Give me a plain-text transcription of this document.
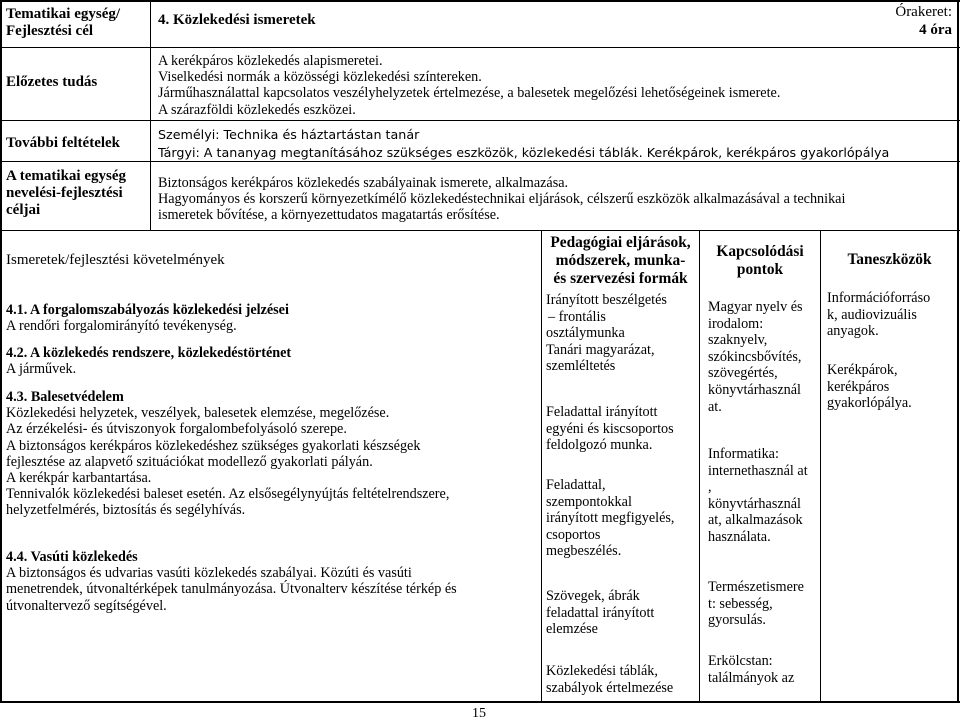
Tematikai egység/
Fejlesztési cél
Előzetes tudás
További feltételek
A tematikai egység
nevelési-fejlesztési
céljai
4. Közlekedési ismeretek	Órakeret:
4 óra
A kerékpáros közlekedés alapismeretei.
Viselkedési normák a közösségi közlekedési színtereken.
Járműhasználattal kapcsolatos veszélyhelyzetek értelmezése, a balesetek megelőzési lehetőségeinek ismerete.
A szárazföldi közlekedés eszközei.
Személyi: Technika és háztartástan tanár
Tárgyi: A tananyag megtanításához szükséges eszközök, közlekedési táblák. Kerékpárok, kerékpáros gyakorlópálya
Biztonságos kerékpáros közlekedés szabályainak ismerete, alkalmazása.
Hagyományos és korszerű környezetkímélő közlekedéstechnikai eljárások, célszerű eszközök alkalmazásával a technikai
ismeretek bővítése, a környezettudatos magatartás erősítése.
Ismeretek/fejlesztési követelmények
Pedagógiai eljárások,
módszerek, munka-
és szervezési formák
Kapcsolódási
pontok
Taneszközök
4.1. A forgalomszabályozás közlekedési jelzései
A rendőri forgalomirányító tevékenység.
4.2. A közlekedés rendszere, közlekedéstörténet
A járművek.
4.3. Balesetvédelem
Közlekedési helyzetek, veszélyek, balesetek elemzése, megelőzése.
Az érzékelési- és útviszonyok forgalombefolyásoló szerepe.
A biztonságos kerékpáros közlekedéshez szükséges gyakorlati készségek
fejlesztése az alapvető szituációkat modellező gyakorlati pályán.
A kerékpár karbantartása.
Tennivalók közlekedési baleset esetén. Az elsősegélynyújtás feltételrendszere,
helyzetfelmérés, biztosítás és segélyhívás.
4.4. Vasúti közlekedés
A biztonságos és udvarias vasúti közlekedés szabályai. Közúti és vasúti
menetrendek, útvonaltérképek tanulmányozása. Útvonalterv készítése térkép és
útvonaltervező segítségével.
Irányított beszélgetés
– frontális
osztálymunka
Tanári magyarázat,
szemléltetés
Feladattal irányított
egyéni és kiscsoportos
feldolgozó munka.
Feladattal,
szempontokkal
irányított megfigyelés,
csoportos
megbeszélés.
Szövegek, ábrák
feladattal irányított
elemzése
Közlekedési táblák,
szabályok értelmezése
Magyar nyelv és
irodalom:
szaknyelv,
szókincsbővítés,
szövegértés,
könyvtárhasznál
at.
Informatika:
internethasznál at
,
könyvtárhasznál
at, alkalmazások
használata.
Természetismere
t: sebesség,
gyorsulás.
Erkölcstan:
találmányok az
Információforráso
k, audiovizuális
anyagok.
Kerékpárok,
kerékpáros
gyakorlópálya.
15
